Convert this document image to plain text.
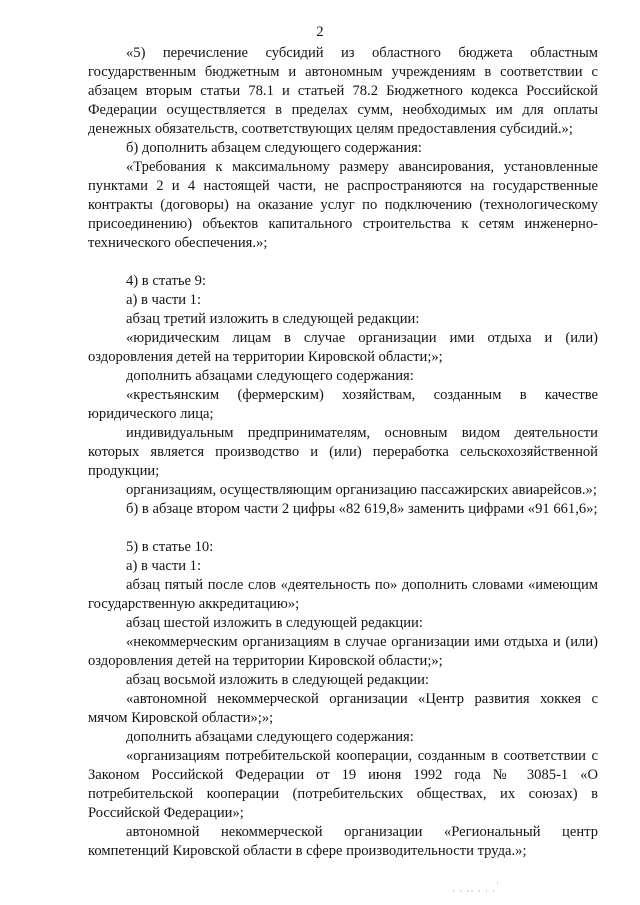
2

«5) перечисление субсидий из областного бюджета областным государственным бюджетным и автономным учреждениям в соответствии с абзацем вторым статьи 78.1 и статьей 78.2 Бюджетного кодекса Российской Федерации осуществляется в пределах сумм, необходимых им для оплаты денежных обязательств, соответствующих целям предоставления субсидий.»;

б) дополнить абзацем следующего содержания:

«Требования к максимальному размеру авансирования, установленные пунктами 2 и 4 настоящей части, не распространяются на государственные контракты (договоры) на оказание услуг по подключению (технологическому присоединению) объектов капитального строительства к сетям инженерно-технического обеспечения.»;

4) в статье 9:

а) в части 1:

абзац третий изложить в следующей редакции:

«юридическим лицам в случае организации ими отдыха и (или) оздоровления детей на территории Кировской области;»;

дополнить абзацами следующего содержания:

«крестьянским (фермерским) хозяйствам, созданным в качестве юридического лица;

индивидуальным предпринимателям, основным видом деятельности которых является производство и (или) переработка сельскохозяйственной продукции;

организациям, осуществляющим организацию пассажирских авиарейсов.»;

б) в абзаце втором части 2 цифры «82 619,8» заменить цифрами «91 661,6»;

5) в статье 10:

а) в части 1:

абзац пятый после слов «деятельность по» дополнить словами «имеющим государственную аккредитацию»;

абзац шестой изложить в следующей редакции:

«некоммерческим организациям в случае организации ими отдыха и (или) оздоровления детей на территории Кировской области;»;

абзац восьмой изложить в следующей редакции:

«автономной некоммерческой организации «Центр развития хоккея с мячом Кировской области»;»;

дополнить абзацами следующего содержания:

«организациям потребительской кооперации, созданным в соответствии с Законом Российской Федерации от 19 июня 1992 года № 3085-1 «О потребительской кооперации (потребительских обществах, их союзах) в Российской Федерации»;

автономной некоммерческой организации «Региональный центр компетенций Кировской области в сфере производительности труда.»;

· · ·· · · ·
·
